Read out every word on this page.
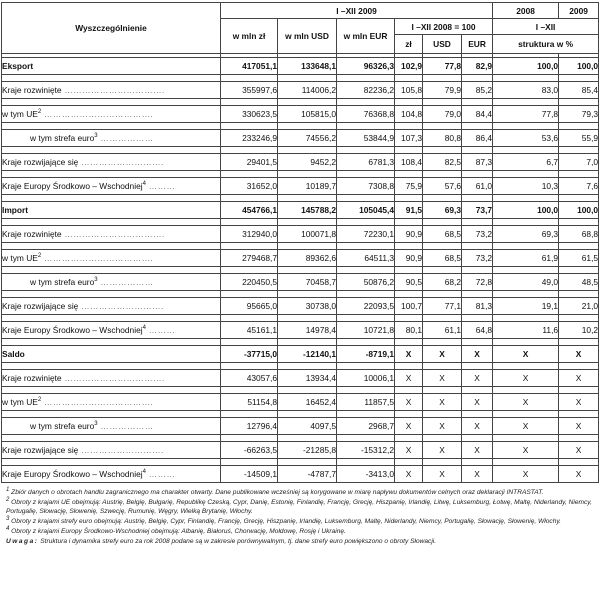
Wyszczególnienie	I –XII 2009						2008	2009
	w mln zł	w mln USD	w mln EUR	I –XII 2008 = 100			I –XII	
				zł	USD	EUR	struktura w %	

Eksport	417051,1	133648,1	96326,3	102,9	77,8	82,9	100,0	100,0

Kraje rozwinięte …………………………….	355997,6	114006,2	82236,2	105,8	79,9	85,2	83,0	85,4

w tym $UE^2$ ……………………………….	330623,5	105815,0	76368,8	104,8	79,0	84,4	77,8	79,3

w tym strefa euro$^3$ ………………	233246,9	74556,2	53844,9	107,3	80,8	86,4	53,6	55,9

Kraje rozwijające się ……………………….	29401,5	9452,2	6781,3	108,4	82,5	87,3	6,7	7,0

Kraje Europy Środkowo – Wschodniej$^4$ ………	31652,0	10189,7	7308,8	75,9	57,6	61,0	10,3	7,6

Import	454766,1	145788,2	105045,4	91,5	69,3	73,7	100,0	100,0

Kraje rozwinięte …………………………….	312940,0	100071,8	72230,1	90,9	68,5	73,2	69,3	68,8

w tym $UE^2$ ……………………………….	279468,7	89362,6	64511,3	90,9	68,5	73,2	61,9	61,5

w tym strefa euro$^3$ ………………	220450,5	70458,7	50876,2	90,5	68,2	72,8	49,0	48,5

Kraje rozwijające się ……………………….	95665,0	30738,0	22093,5	100,7	77,1	81,3	19,1	21,0

Kraje Europy Środkowo – Wschodniej$^4$ ………	45161,1	14978,4	10721,8	80,1	61,1	64,8	11,6	10,2

Saldo	-37715,0	-12140,1	-8719,1	X	X	X	X	X

Kraje rozwinięte …………………………….	43057,6	13934,4	10006,1	X	X	X	X	X

w tym $UE^2$ ……………………………….	51154,8	16452,4	11857,5	X	X	X	X	X

w tym strefa euro$^3$ ………………	12796,4	4097,5	2968,7	X	X	X	X	X

Kraje rozwijające się ……………………….	-66263,5	-21285,8	-15312,2	X	X	X	X	X

Kraje Europy Środkowo – Wschodniej$^4$ ………	-14509,1	-4787,7	-3413,0	X	X	X	X	X

$^1$ Zbiór danych o obrotach handlu zagranicznego ma charakter otwarty. Dane publikowane wcześniej są korygowane w miarę napływu dokumentów celnych oraz deklaracji INTRASTAT.

$^2$ Obroty z krajami UE obejmują: Austrię, Belgię, Bułgarię, Republikę Czeską, Cypr, Danię, Estonię, Finlandię, Francję, Grecję, Hiszpanię, Irlandię, Litwę, Luksemburg, Łotwę, Maltę, Niderlandy, Niemcy, Portugalię, Słowację, Słowenię, Szwecję, Rumunię, Węgry, Wielką Brytanię, Włochy.

$^3$ Obroty z krajami strefy euro obejmują: Austrię, Belgię, Cypr, Finlandię, Francję, Grecję, Hiszpanię, Irlandię, Luksemburg, Maltę, Niderlandy, Niemcy, Portugalię, Słowację, Słowenię, Włochy.

$^4$ Obroty z krajami Europy Środkowo-Wschodniej obejmują: Albanię, Białoruś, Chorwację, Mołdowę, Rosję i Ukrainę.

Uwaga: Struktura i dynamika strefy euro za rok 2008 podane są w zakresie porównywalnym, tj. dane strefy euro powiększono o obroty Słowacji.
